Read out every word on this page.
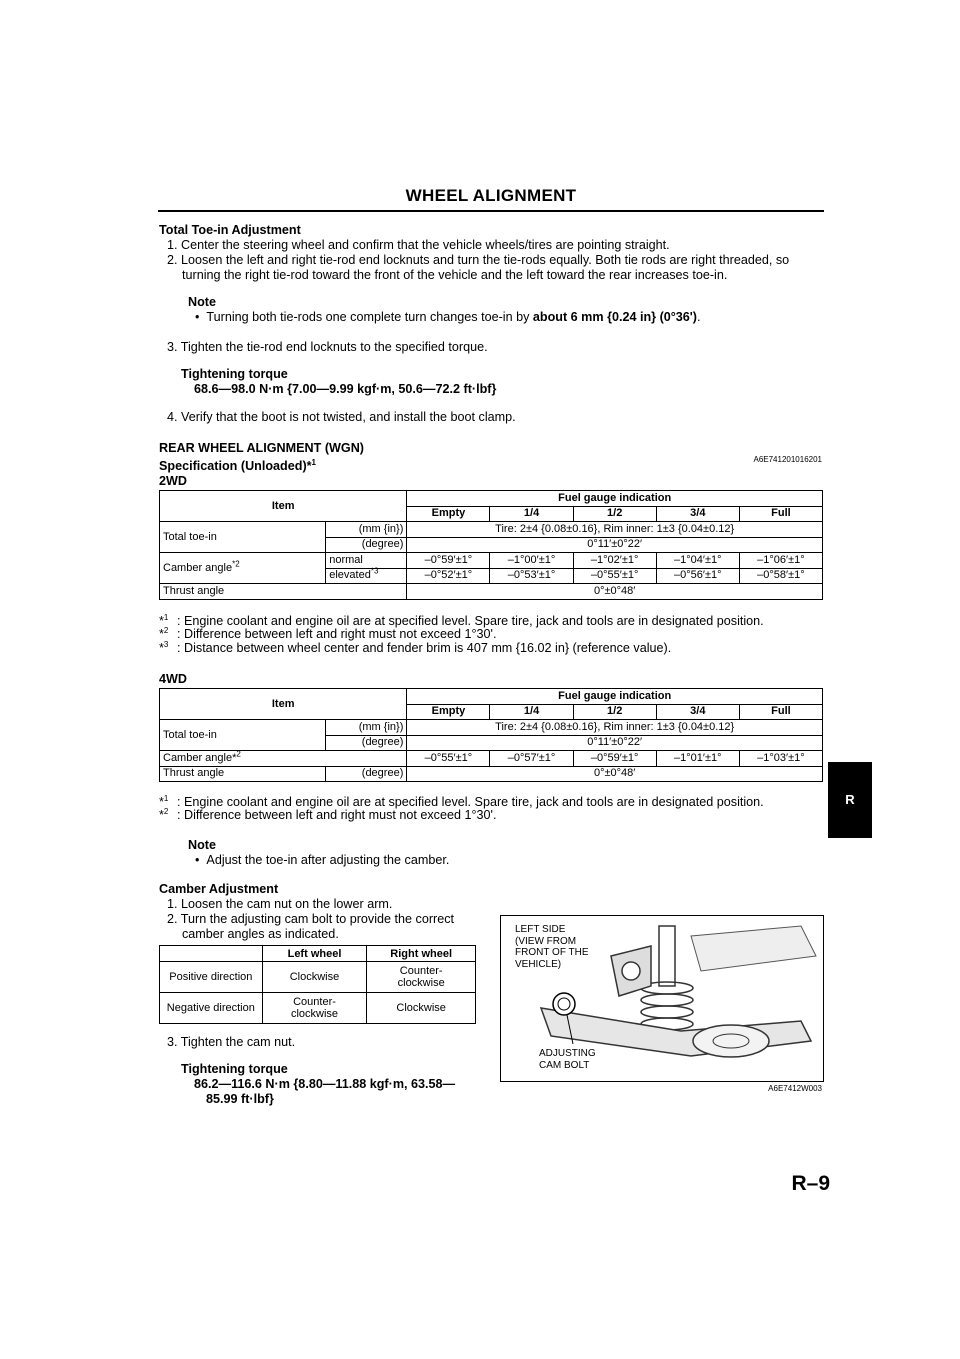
WHEEL ALIGNMENT
Total Toe-in Adjustment
1. Center the steering wheel and confirm that the vehicle wheels/tires are pointing straight.
2. Loosen the left and right tie-rod end locknuts and turn the tie-rods equally. Both tie rods are right threaded, so
turning the right tie-rod toward the front of the vehicle and the left toward the rear increases toe-in.
Note
• Turning both tie-rods one complete turn changes toe-in by about 6 mm {0.24 in} (0°36').
3. Tighten the tie-rod end locknuts to the specified torque.
Tightening torque
68.6—98.0 N·m {7.00—9.99 kgf·m, 50.6—72.2 ft·lbf}
4. Verify that the boot is not twisted, and install the boot clamp.
REAR WHEEL ALIGNMENT (WGN)
A6E741201016201
Specification (Unloaded)*$^1$
2WD
Item		Fuel gauge indication				
		Empty	1/4	1/2	3/4	Full
Total toe-in	(mm {in})	Tire: 2±4 {0.08±0.16}, Rim inner: 1±3 {0.04±0.12}				
	(degree)	0°11′±0°22′				
Camber angle$^{*2}$	normal	–0°59′±1°	–1°00′±1°	–1°02′±1°	–1°04′±1°	–1°06′±1°
	elevated$^{*3}$	–0°52′±1°	–0°53′±1°	–0°55′±1°	–0°56′±1°	–0°58′±1°
Thrust angle		0°±0°48′				
*$^1$ : Engine coolant and engine oil are at specified level. Spare tire, jack and tools are in designated position.
*$^2$ : Difference between left and right must not exceed 1°30'.
*$^3$ : Distance between wheel center and fender brim is 407 mm {16.02 in} (reference value).
4WD
Item		Fuel gauge indication				
		Empty	1/4	1/2	3/4	Full
Total toe-in	(mm {in})	Tire: 2±4 {0.08±0.16}, Rim inner: 1±3 {0.04±0.12}				
	(degree)	0°11′±0°22′				
Camber angle*$^2$		–0°55′±1°	–0°57′±1°	–0°59′±1°	–1°01′±1°	–1°03′±1°
Thrust angle	(degree)	0°±0°48′				
*$^1$ : Engine coolant and engine oil are at specified level. Spare tire, jack and tools are in designated position.
*$^2$ : Difference between left and right must not exceed 1°30'.
Note
• Adjust the toe-in after adjusting the camber.
Camber Adjustment
1. Loosen the cam nut on the lower arm.
2. Turn the adjusting cam bolt to provide the correct
camber angles as indicated.
	Left wheel	Right wheel
Positive direction	Clockwise	Counter-
clockwise
Negative direction	Counter-
clockwise	Clockwise
3. Tighten the cam nut.
Tightening torque
86.2—116.6 N·m {8.80—11.88 kgf·m, 63.58—
85.99 ft·lbf}
LEFT SIDE
(VIEW FROM
FRONT OF THE
VEHICLE)
ADJUSTING
CAM BOLT
A6E7412W003
R
R–9
